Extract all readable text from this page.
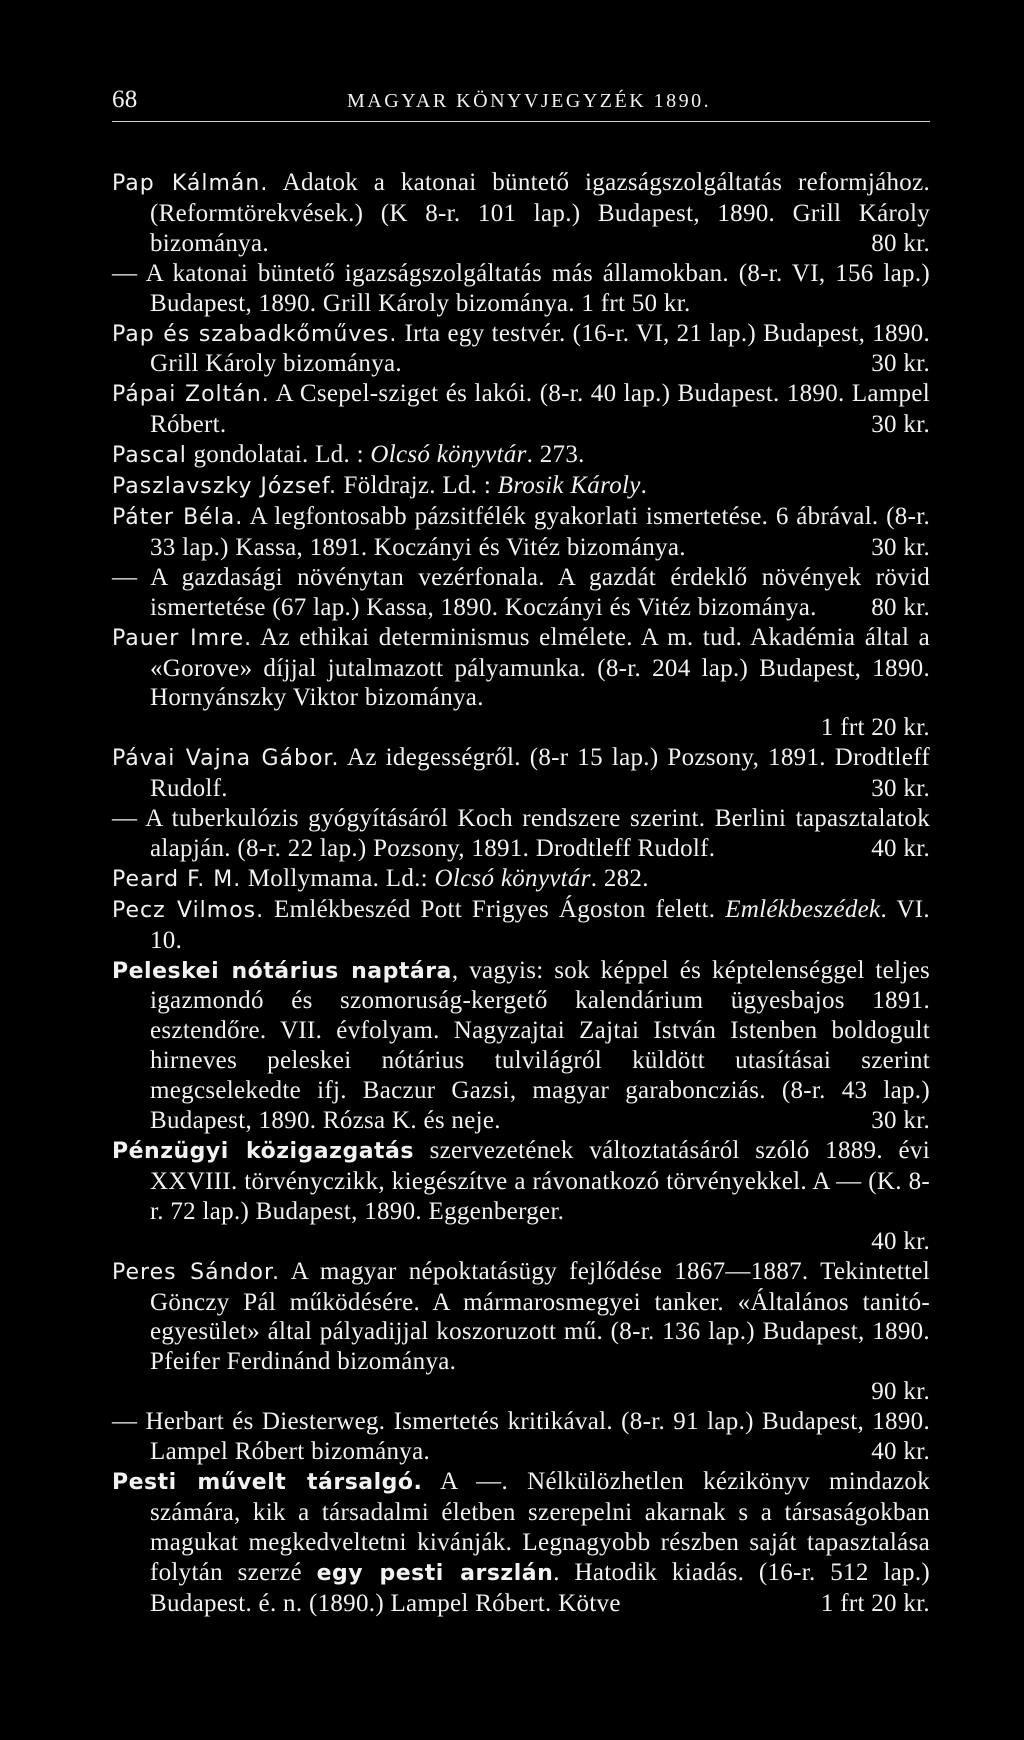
68	MAGYAR KÖNYVJEGYZÉK 1890.

Pap Kálmán. Adatok a katonai büntető igazságszolgáltatás reformjához. (Reformtörekvések.) (K 8-r. 101 lap.) Budapest, 1890. Grill Károly bizománya.	80 kr.

— A katonai büntető igazságszolgáltatás más államokban. (8-r. VI, 156 lap.) Budapest, 1890. Grill Károly bizománya. 1 frt 50 kr.

Pap és szabadkőműves. Irta egy testvér. (16-r. VI, 21 lap.) Budapest, 1890. Grill Károly bizománya.	30 kr.

Pápai Zoltán. A Csepel-sziget és lakói. (8-r. 40 lap.) Budapest. 1890. Lampel Róbert.	30 kr.

Pascal gondolatai. Ld. : Olcsó könyvtár. 273.

Paszlavszky József. Földrajz. Ld. : Brosik Károly.

Páter Béla. A legfontosabb pázsitfélék gyakorlati ismertetése. 6 ábrával. (8-r. 33 lap.) Kassa, 1891. Koczányi és Vitéz bizománya.	30 kr.

— A gazdasági növénytan vezérfonala. A gazdát érdeklő növények rövid ismertetése (67 lap.) Kassa, 1890. Koczányi és Vitéz bizománya. 80 kr.

Pauer Imre. Az ethikai determinismus elmélete. A m. tud. Akadémia által a «Gorove» díjjal jutalmazott pályamunka. (8-r. 204 lap.) Budapest, 1890. Hornyánszky Viktor bizománya.
1 frt 20 kr.

Pávai Vajna Gábor. Az idegességről. (8-r 15 lap.) Pozsony, 1891. Drodtleff Rudolf.	30 kr.

— A tuberkulózis gyógyításáról Koch rendszere szerint. Berlini tapasztalatok alapján. (8-r. 22 lap.) Pozsony, 1891. Drodtleff Rudolf.	40 kr.

Peard F. M. Mollymama. Ld.: Olcsó könyvtár. 282.

Pecz Vilmos. Emlékbeszéd Pott Frigyes Ágoston felett. Emlékbeszédek. VI. 10.

Peleskei nótárius naptára, vagyis: sok képpel és képtelenséggel teljes igazmondó és szomoruság-kergető kalendárium ügyesbajos 1891. esztendőre. VII. évfolyam. Nagyzajtai Zajtai István Istenben boldogult hirneves peleskei nótárius tulvilágról küldött utasításai szerint megcselekedte ifj. Baczur Gazsi, magyar garaboncziás. (8-r. 43 lap.) Budapest, 1890. Rózsa K. és neje.	30 kr.

Pénzügyi közigazgatás szervezetének változtatásáról szóló 1889. évi XXVIII. törvényczikk, kiegészítve a rávonatkozó törvényekkel. A — (K. 8-r. 72 lap.) Budapest, 1890. Eggenberger.
40 kr.

Peres Sándor. A magyar népoktatásügy fejlődése 1867—1887. Tekintettel Gönczy Pál működésére. A mármarosmegyei tanker. «Általános tanitó-egyesület» által pályadijjal koszoruzott mű. (8-r. 136 lap.) Budapest, 1890. Pfeifer Ferdinánd bizománya.
90 kr.

— Herbart és Diesterweg. Ismertetés kritikával. (8-r. 91 lap.) Budapest, 1890. Lampel Róbert bizománya.	40 kr.

Pesti művelt társalgó. A —. Nélkülözhetlen kézikönyv mindazok számára, kik a társadalmi életben szerepelni akarnak s a társaságokban magukat megkedveltetni kivánják. Legnagyobb részben saját tapasztalása folytán szerzé egy pesti arszlán. Hatodik kiadás. (16-r. 512 lap.) Budapest. é. n. (1890.) Lampel Róbert. Kötve	1 frt 20 kr.
